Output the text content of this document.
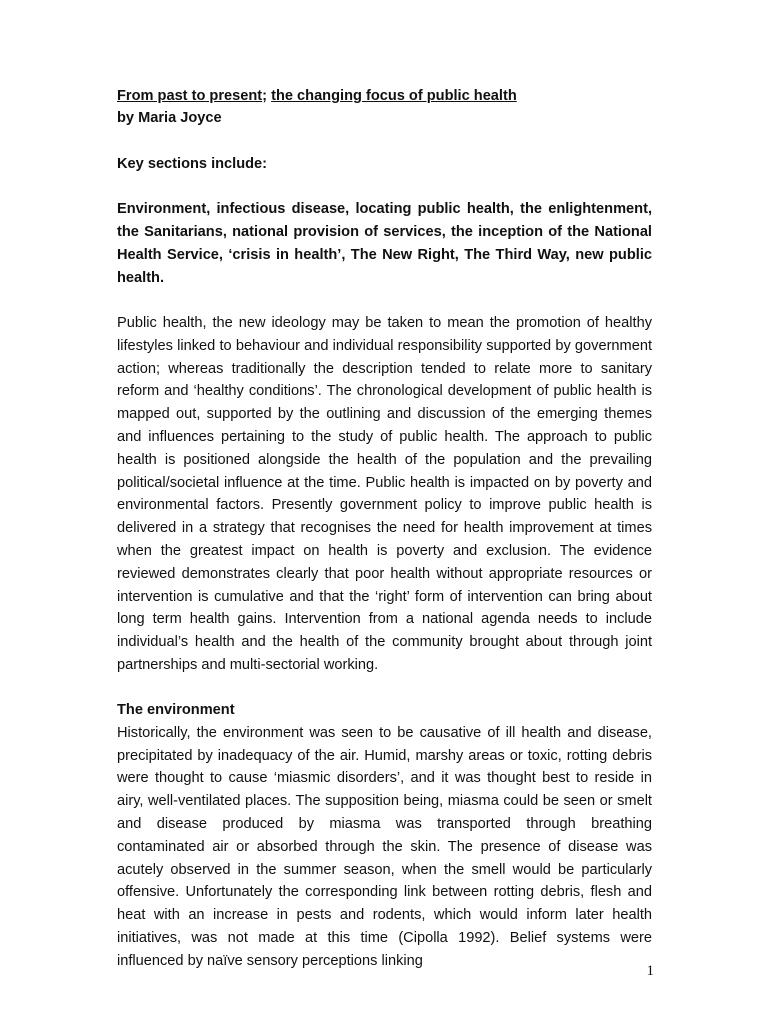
From past to present; the changing focus of public health

by Maria Joyce

Key sections include:

Environment, infectious disease, locating public health, the enlightenment, the Sanitarians, national provision of services, the inception of the National Health Service, ‘crisis in health’, The New Right, The Third Way, new public health.

Public health, the new ideology may be taken to mean the promotion of healthy lifestyles linked to behaviour and individual responsibility supported by government action; whereas traditionally the description tended to relate more to sanitary reform and ‘healthy conditions’. The chronological development of public health is mapped out, supported by the outlining and discussion of the emerging themes and influences pertaining to the study of public health. The approach to public health is positioned alongside the health of the population and the prevailing political/societal influence at the time. Public health is impacted on by poverty and environmental factors. Presently government policy to improve public health is delivered in a strategy that recognises the need for health improvement at times when the greatest impact on health is poverty and exclusion. The evidence reviewed demonstrates clearly that poor health without appropriate resources or intervention is cumulative and that the ‘right’ form of intervention can bring about long term health gains. Intervention from a national agenda needs to include individual’s health and the health of the community brought about through joint partnerships and multi-sectorial working.

The environment

Historically, the environment was seen to be causative of ill health and disease, precipitated by inadequacy of the air. Humid, marshy areas or toxic, rotting debris were thought to cause ‘miasmic disorders’, and it was thought best to reside in airy, well-ventilated places. The supposition being, miasma could be seen or smelt and disease produced by miasma was transported through breathing contaminated air or absorbed through the skin. The presence of disease was acutely observed in the summer season, when the smell would be particularly offensive. Unfortunately the corresponding link between rotting debris, flesh and heat with an increase in pests and rodents, which would inform later health initiatives, was not made at this time (Cipolla 1992). Belief systems were influenced by naïve sensory perceptions linking

1
